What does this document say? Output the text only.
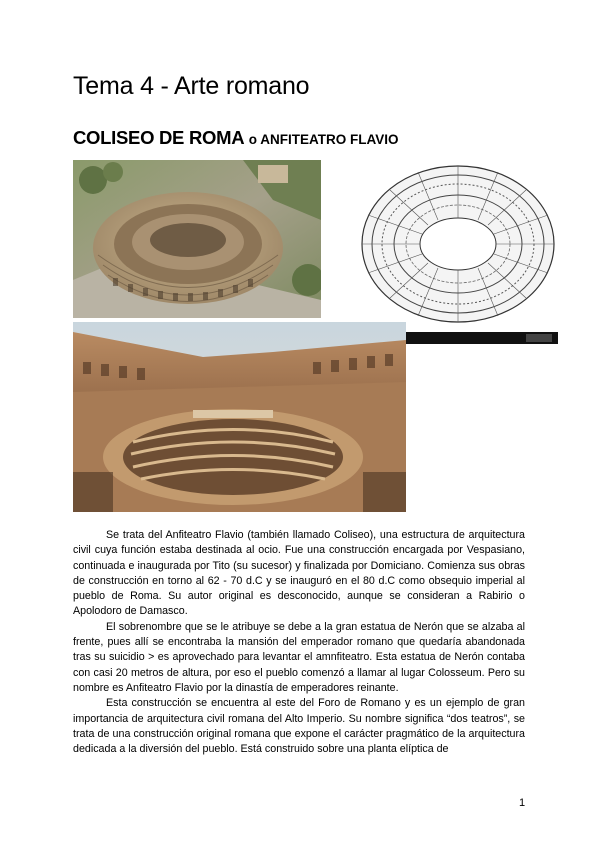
Tema 4 - Arte romano
COLISEO DE ROMA o ANFITEATRO FLAVIO

Se trata del Anfiteatro Flavio (también llamado Coliseo), una estructura de arquitectura civil cuya función estaba destinada al ocio. Fue una construcción encargada por Vespasiano, continuada e inaugurada por Tito (su sucesor) y finalizada por Domiciano. Comienza sus obras de construcción en torno al 62 - 70 d.C y se inauguró en el 80 d.C como obsequio imperial al pueblo de Roma. Su autor original es desconocido, aunque se consideran a Rabirio o Apolodoro de Damasco.

El sobrenombre que se le atribuye se debe a la gran estatua de Nerón que se alzaba al frente, pues allí se encontraba la mansión del emperador romano que quedaría abandonada tras su suicidio > es aprovechado para levantar el amnfiteatro. Esta estatua de Nerón contaba con casi 20 metros de altura, por eso el pueblo comenzó a llamar al lugar Colosseum. Pero su nombre es Anfiteatro Flavio por la dinastía de emperadores reinante.

Esta construcción se encuentra al este del Foro de Romano y es un ejemplo de gran importancia de arquitectura civil romana del Alto Imperio. Su nombre significa “dos teatros”, se trata de una construcción original romana que expone el carácter pragmático de la arquitectura dedicada a la diversión del pueblo. Está construido sobre una planta elíptica de

1
